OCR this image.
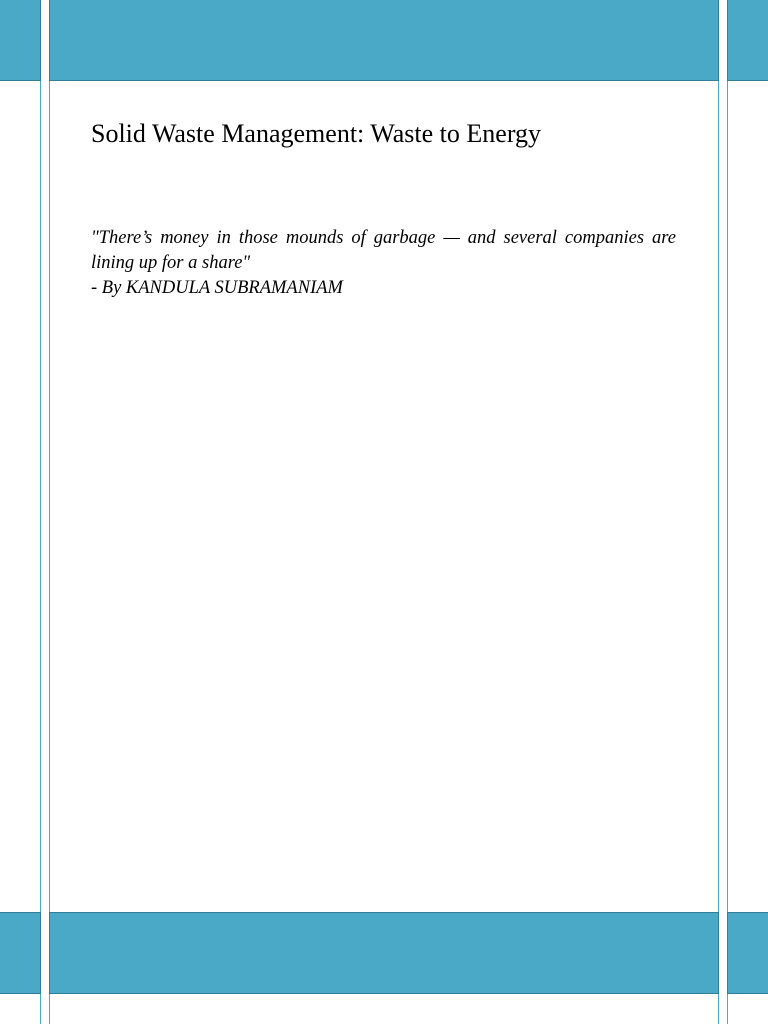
Solid Waste Management: Waste to Energy
"There’s money in those mounds of garbage — and several companies are lining up for a share"
- By KANDULA SUBRAMANIAM
